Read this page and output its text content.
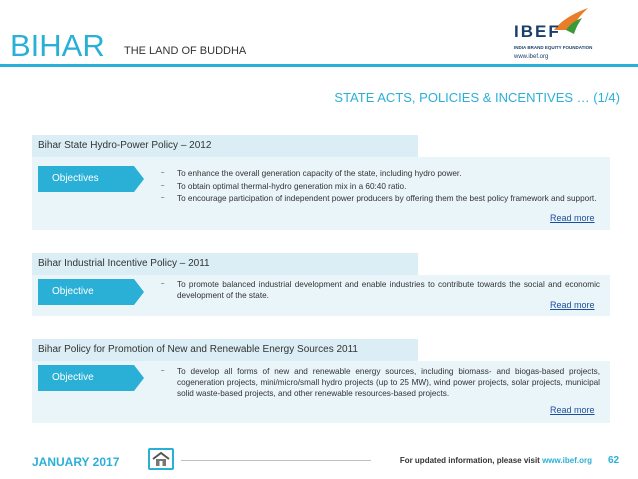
BIHAR THE LAND OF BUDDHA
IBEF
INDIA BRAND EQUITY FOUNDATION
www.ibef.org
STATE ACTS, POLICIES & INCENTIVES … (1/4)
Bihar State Hydro-Power Policy – 2012
Objectives
–	To enhance the overall generation capacity of the state, including hydro power.
– To obtain optimal thermal-hydro generation mix in a 60:40 ratio.
– To encourage participation of independent power producers by offering them the best policy framework and support.
Read more
Bihar Industrial Incentive Policy – 2011
Objective
– To promote balanced industrial development and enable industries to contribute towards the social and economic development of the state.
Read more
Bihar Policy for Promotion of New and Renewable Energy Sources 2011
Objective
– To develop all forms of new and renewable energy sources, including biomass- and biogas-based projects, cogeneration projects, mini/micro/small hydro projects (up to 25 MW), wind power projects, solar projects, municipal solid waste-based projects, and other renewable resources-based projects.
Read more
JANUARY 2017	For updated information, please visit www.ibef.org 62
